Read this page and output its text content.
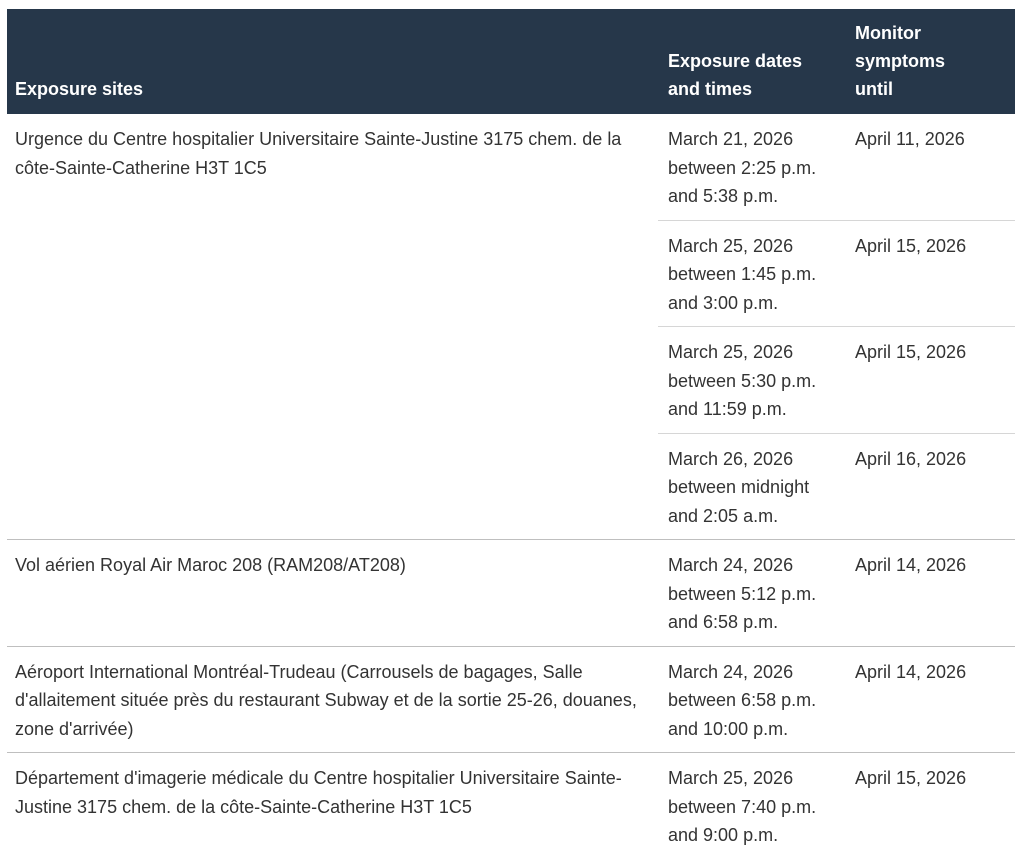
Exposure sites	Exposure dates
and times	Monitor
symptoms
until
Urgence du Centre hospitalier Universitaire Sainte-Justine 3175 chem. de la côte-Sainte-Catherine H3T 1C5	March 21, 2026
between 2:25 p.m.
and 5:38 p.m.	April 11, 2026
	March 25, 2026
between 1:45 p.m.
and 3:00 p.m.	April 15, 2026
	March 25, 2026
between 5:30 p.m.
and 11:59 p.m.	April 15, 2026
	March 26, 2026
between midnight
and 2:05 a.m.	April 16, 2026
Vol aérien Royal Air Maroc 208 (RAM208/AT208)	March 24, 2026
between 5:12 p.m.
and 6:58 p.m.	April 14, 2026
Aéroport International Montréal-Trudeau (Carrousels de bagages, Salle d'allaitement située près du restaurant Subway et de la sortie 25-26, douanes, zone d'arrivée)	March 24, 2026
between 6:58 p.m.
and 10:00 p.m.	April 14, 2026
Département d'imagerie médicale du Centre hospitalier Universitaire Sainte-Justine 3175 chem. de la côte-Sainte-Catherine H3T 1C5	March 25, 2026
between 7:40 p.m.
and 9:00 p.m.	April 15, 2026
